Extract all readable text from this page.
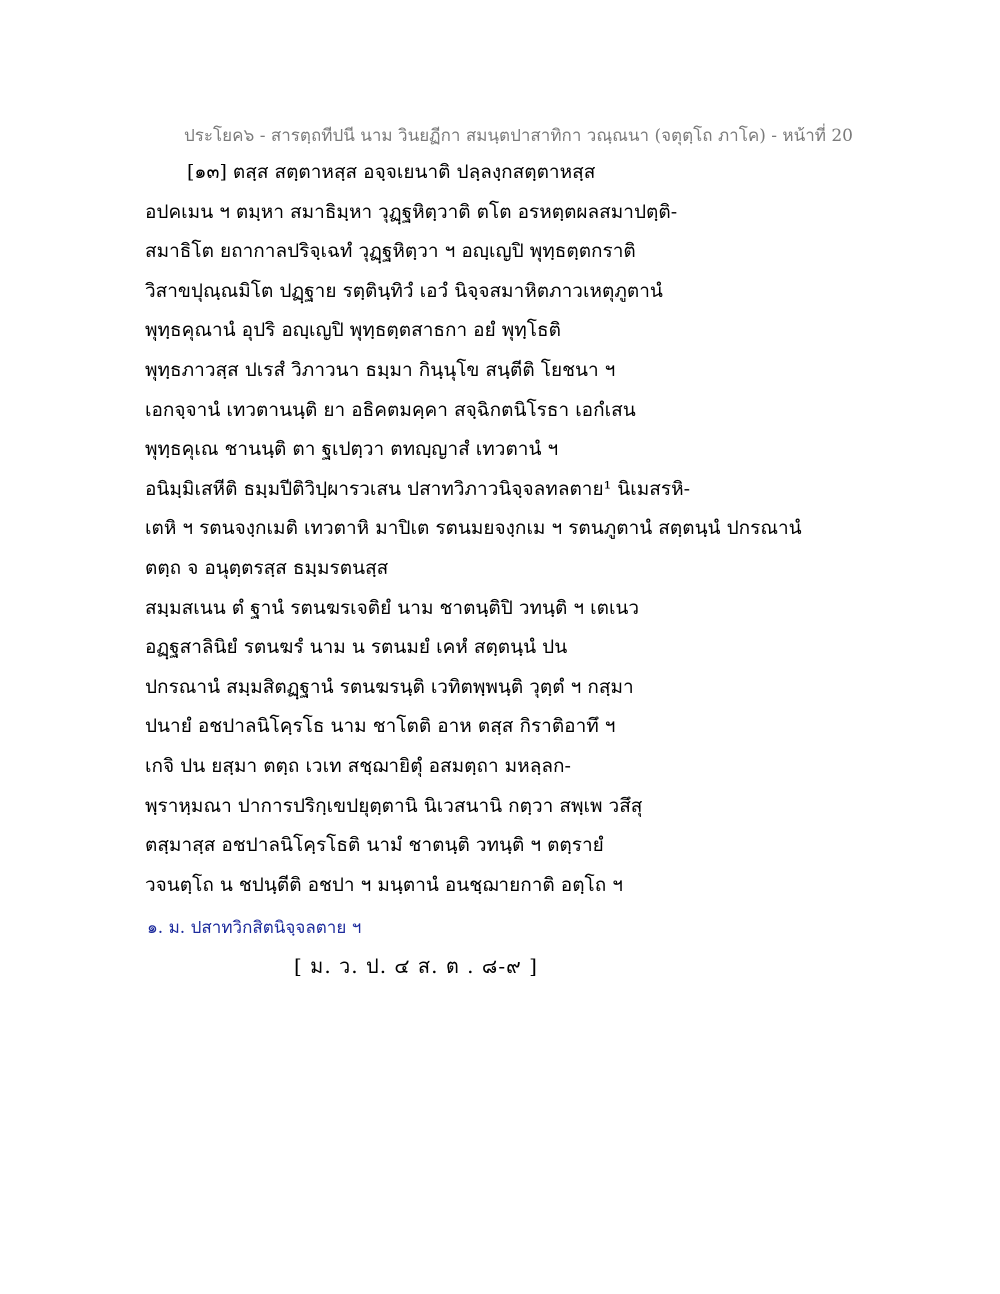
ประโยค๖ - สารตฺถทีปนี นาม วินยฏีกา สมนฺตปาสาทิกา วณฺณนา (จตุตฺโถ ภาโค) - หน้าที่ 20
[๑๓] ตสฺส สตฺตาหสฺส อจฺจเยนาติ ปลฺลงฺกสตฺตาหสฺส
อปคเมน ฯ ตมฺหา สมาธิมฺหา วุฏฺฐหิตฺวาติ ตโต อรหตฺตผลสมาปตฺติ-
สมาธิโต ยถากาลปริจฺเฉทํ วุฏฺฐหิตฺวา ฯ อญฺเญปิ พุทฺธตฺตกราติ
วิสาขปุณฺณมิโต ปฏฺฐาย รตฺตินฺทิวํ เอวํ นิจฺจสมาหิตภาวเหตุภูตานํ
พุทฺธคุณานํ อุปริ อญฺเญปิ พุทฺธตฺตสาธกา อยํ พุทฺโธติ
พุทฺธภาวสฺส ปเรสํ วิภาวนา ธมฺมา กินฺนุโข สนฺตีติ โยชนา ฯ
เอกจฺจานํ เทวตานนฺติ ยา อธิคตมคฺคา สจฺฉิกตนิโรธา เอกํเสน
พุทฺธคุเณ ชานนฺติ ตา ฐเปตฺวา ตทญฺญาสํ เทวตานํ ฯ
อนิมฺมิเสหีติ ธมฺมปีติวิปฺผารวเสน ปสาทวิภาวนิจฺจลทลตาย¹ นิเมสรหิ-
เตหิ ฯ รตนจงฺกเมติ เทวตาหิ มาปิเต รตนมยจงฺกเม ฯ รตนภูตานํ สตฺตนฺนํ ปกรณานํ
ตตฺถ จ อนุตฺตรสฺส ธมฺมรตนสฺส
สมฺมสเนน ตํ ฐานํ รตนฆรเจติยํ นาม ชาตนฺติปิ วทนฺติ ฯ เตเนว
อฏฺฐสาลินิยํ รตนฆรํ นาม น รตนมยํ เคหํ สตฺตนฺนํ ปน
ปกรณานํ สมฺมสิตฏฺฐานํ รตนฆรนฺติ เวทิตพฺพนฺติ วุตฺตํ ฯ กสฺมา
ปนายํ อชปาลนิโคฺรโธ นาม ชาโตติ อาห ตสฺส กิราติอาทึ ฯ
เกจิ ปน ยสฺมา ตตฺถ เวเท สชฺฌายิตุํ อสมตฺถา มหลฺลก-
พฺราหฺมณา ปาการปริกฺเขปยุตฺตานิ นิเวสนานิ กตฺวา สพฺเพ วสึสุ
ตสฺมาสฺส อชปาลนิโคฺรโธติ นามํ ชาตนฺติ วทนฺติ ฯ ตตฺรายํ
วจนตฺโถ น ชปนฺตีติ อชปา ฯ มนฺตานํ อนชฺฌายกาติ อตฺโถ ฯ
๑. ม. ปสาทวิกสิตนิจฺจลตาย ฯ
[ ม. ว. ป. ๔ ส. ต . ๘-๙ ]
